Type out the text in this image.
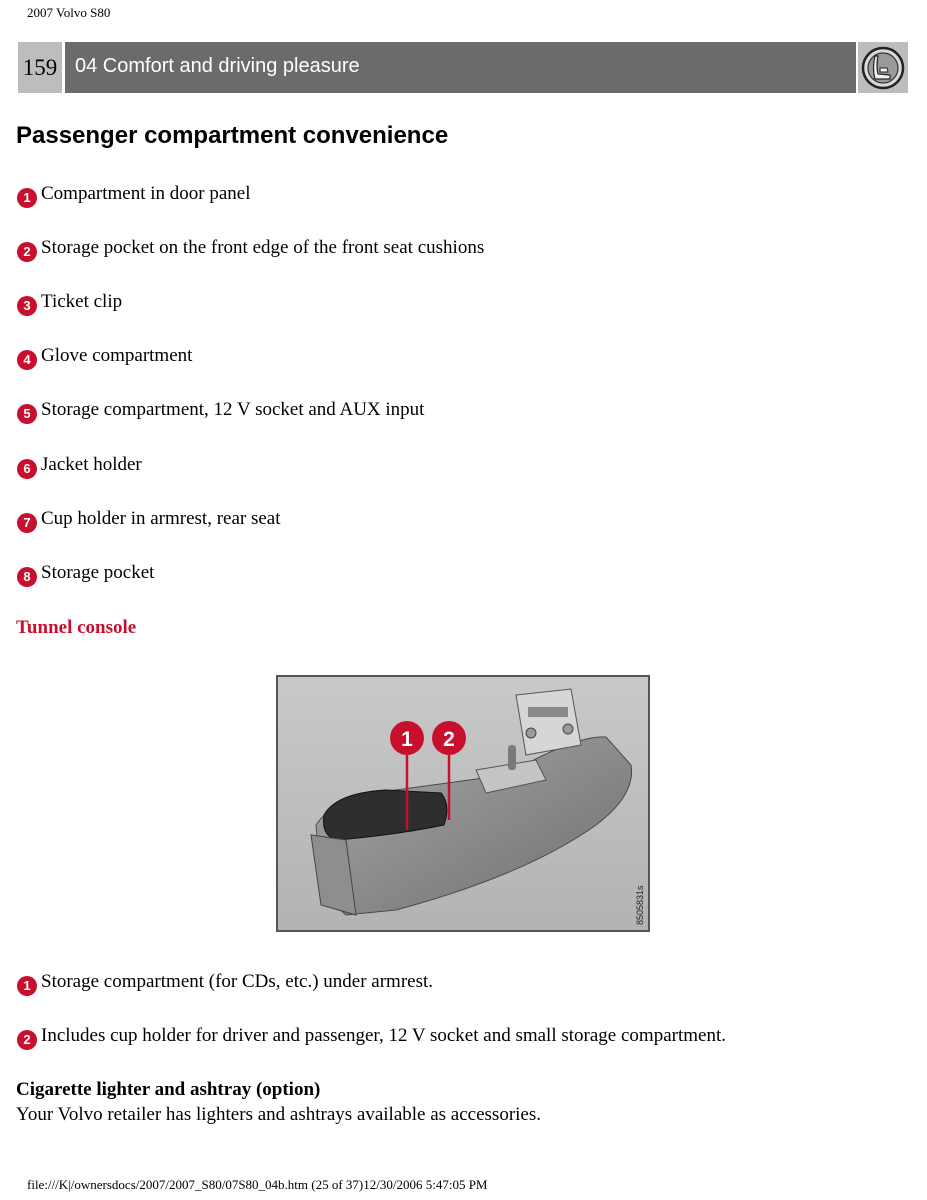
2007 Volvo S80
159 04 Comfort and driving pleasure
Passenger compartment convenience
1 Compartment in door panel
2 Storage pocket on the front edge of the front seat cushions
3 Ticket clip
4 Glove compartment
5 Storage compartment, 12 V socket and AUX input
6 Jacket holder
7 Cup holder in armrest, rear seat
8 Storage pocket
Tunnel console
1 2
8505831s
1 Storage compartment (for CDs, etc.) under armrest.
2 Includes cup holder for driver and passenger, 12 V socket and small storage compartment.
Cigarette lighter and ashtray (option)
Your Volvo retailer has lighters and ashtrays available as accessories.
file:///K|/ownersdocs/2007/2007_S80/07S80_04b.htm (25 of 37)12/30/2006 5:47:05 PM
